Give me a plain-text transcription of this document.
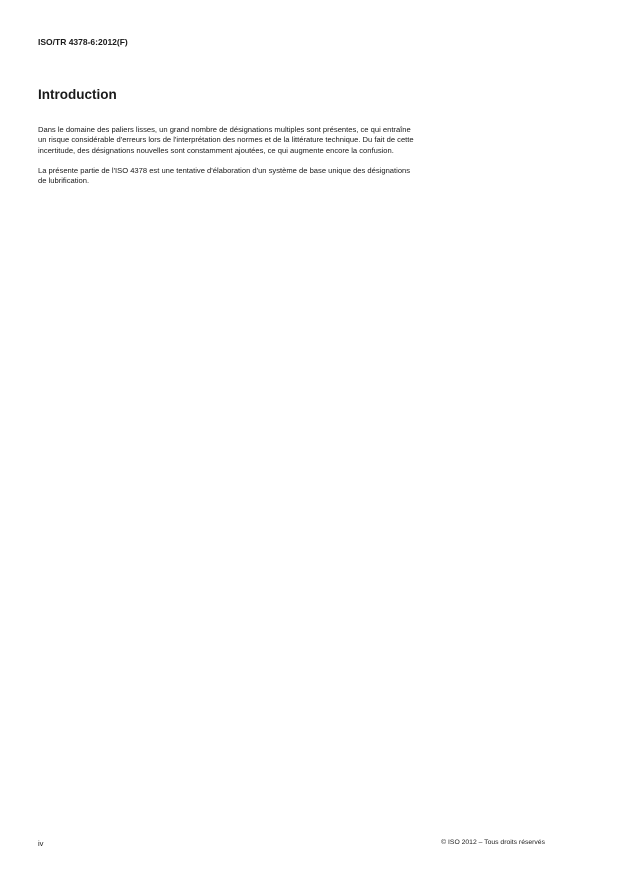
ISO/TR 4378-6:2012(F)
Introduction
Dans le domaine des paliers lisses, un grand nombre de désignations multiples sont présentes, ce qui entraîne
un risque considérable d'erreurs lors de l'interprétation des normes et de la littérature technique. Du fait de cette
incertitude, des désignations nouvelles sont constamment ajoutées, ce qui augmente encore la confusion.
La présente partie de l'ISO 4378 est une tentative d'élaboration d'un système de base unique des désignations
de lubrification.
iv	© ISO 2012 – Tous droits réservés
